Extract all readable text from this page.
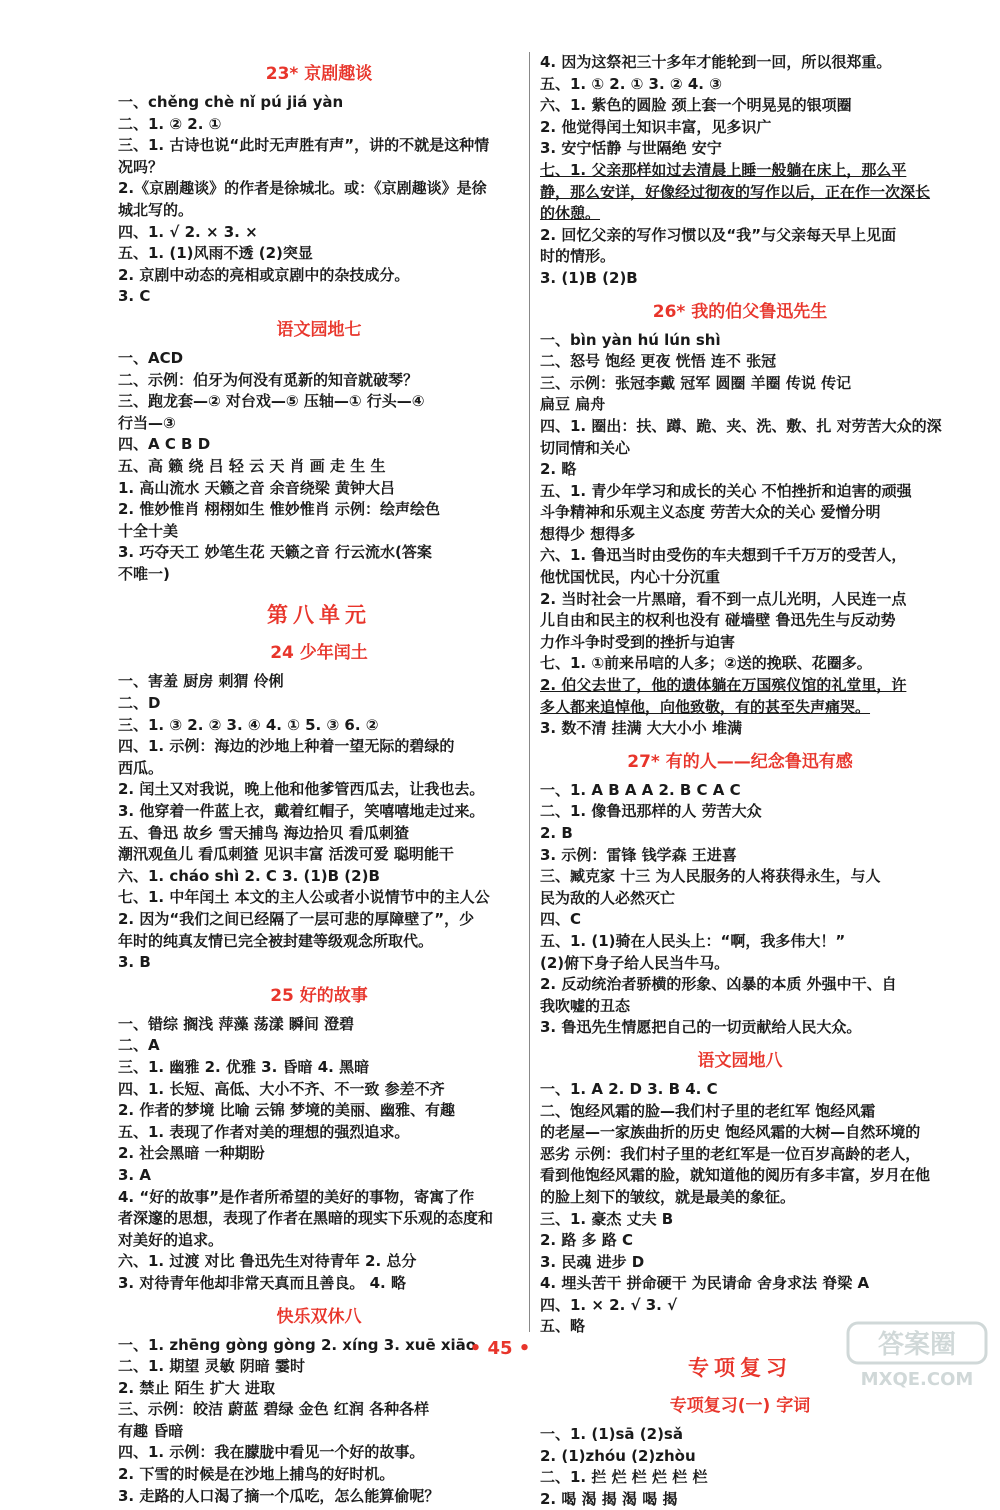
23* 京剧趣谈
一、chěng chè nǐ pú jiá yàn
二、1. ② 2. ①
三、1. 古诗也说“此时无声胜有声”，讲的不就是这种情
况吗？
2.《京剧趣谈》的作者是徐城北。或：《京剧趣谈》是徐
城北写的。
四、1. √ 2. × 3. ×
五、1. (1)风雨不透 (2)突显
2. 京剧中动态的亮相或京剧中的杂技成分。
3. C
语文园地七
一、ACD
二、示例：伯牙为何没有觅新的知音就破琴？
三、跑龙套—② 对台戏—⑤ 压轴—① 行头—④
行当—③
四、A C B D
五、高 籁 绕 吕 轻 云 天 肖 画 走 生 生
1. 高山流水 天籁之音 余音绕梁 黄钟大吕
2. 惟妙惟肖 栩栩如生 惟妙惟肖 示例：绘声绘色
十全十美
3. 巧夺天工 妙笔生花 天籁之音 行云流水(答案
不唯一)
第八单元
24 少年闰土
一、害羞 厨房 刺猬 伶俐
二、D
三、1. ③ 2. ② 3. ④ 4. ① 5. ③ 6. ②
四、1. 示例：海边的沙地上种着一望无际的碧绿的
西瓜。
2. 闰土又对我说，晚上他和他爹管西瓜去，让我也去。
3. 他穿着一件蓝上衣，戴着红帽子，笑嘻嘻地走过来。
五、鲁迅 故乡 雪天捕鸟 海边拾贝 看瓜刺猹
潮汛观鱼儿 看瓜刺猹 见识丰富 活泼可爱 聪明能干
六、1. cháo shì 2. C 3. (1)B (2)B
七、1. 中年闰土 本文的主人公或者小说情节中的主人公
2. 因为“我们之间已经隔了一层可悲的厚障壁了”，少
年时的纯真友情已完全被封建等级观念所取代。
3. B
25 好的故事
一、错综 搁浅 萍藻 荡漾 瞬间 澄碧
二、A
三、1. 幽雅 2. 优雅 3. 昏暗 4. 黑暗
四、1. 长短、高低、大小不齐、不一致 参差不齐
2. 作者的梦境 比喻 云锦 梦境的美丽、幽雅、有趣
五、1. 表现了作者对美的理想的强烈追求。
2. 社会黑暗 一种期盼
3. A
4. “好的故事”是作者所希望的美好的事物，寄寓了作
者深邃的思想，表现了作者在黑暗的现实下乐观的态度和
对美好的追求。
六、1. 过渡 对比 鲁迅先生对待青年 2. 总分
3. 对待青年他却非常天真而且善良。 4. 略
快乐双休八
一、1. zhēng gòng gòng 2. xíng 3. xuē xiāo
二、1. 期望 灵敏 阴暗 霎时
2. 禁止 陌生 扩大 进取
三、示例：皎洁 蔚蓝 碧绿 金色 红润 各种各样
有趣 昏暗
四、1. 示例：我在朦胧中看见一个好的故事。
2. 下雪的时候是在沙地上捕鸟的好时机。
3. 走路的人口渴了摘一个瓜吃，怎么能算偷呢？
4. 因为这祭祀三十多年才能轮到一回，所以很郑重。
五、1. ① 2. ① 3. ② 4. ③
六、1. 紫色的圆脸 颈上套一个明晃晃的银项圈
2. 他觉得闰土知识丰富，见多识广
3. 安宁恬静 与世隔绝 安宁
七、1. 父亲那样如过去清晨上睡一般躺在床上，那么平
静，那么安详，好像经过彻夜的写作以后，正在作一次深长
的休憩。
2. 回忆父亲的写作习惯以及“我”与父亲每天早上见面
时的情形。
3. (1)B (2)B
26* 我的伯父鲁迅先生
一、bìn yàn hú lún shì
二、怒号 饱经 更夜 恍悟 连不 张冠
三、示例：张冠李戴 冠军 圆圈 羊圈 传说 传记
扁豆 扁舟
四、1. 圈出：扶、蹲、跪、夹、洗、敷、扎 对劳苦大众的深
切同情和关心
2. 略
五、1. 青少年学习和成长的关心 不怕挫折和迫害的顽强
斗争精神和乐观主义态度 劳苦大众的关心 爱憎分明
想得少 想得多
六、1. 鲁迅当时由受伤的车夫想到千千万万的受苦人，
他忧国忧民，内心十分沉重
2. 当时社会一片黑暗，看不到一点儿光明，人民连一点
儿自由和民主的权利也没有 碰墙壁 鲁迅先生与反动势
力作斗争时受到的挫折与迫害
七、1. ①前来吊唁的人多；②送的挽联、花圈多。
2. 伯父去世了，他的遗体躺在万国殡仪馆的礼堂里，许
多人都来追悼他，向他致敬，有的甚至失声痛哭。
3. 数不清 挂满 大大小小 堆满
27* 有的人——纪念鲁迅有感
一、1. A B A A 2. B C A C
二、1. 像鲁迅那样的人 劳苦大众
2. B
3. 示例：雷锋 钱学森 王进喜
三、臧克家 十三 为人民服务的人将获得永生，与人
民为敌的人必然灭亡
四、C
五、1. (1)骑在人民头上：“啊，我多伟大！”
(2)俯下身子给人民当牛马。
2. 反动统治者骄横的形象、凶暴的本质 外强中干、自
我吹嘘的丑态
3. 鲁迅先生情愿把自己的一切贡献给人民大众。
语文园地八
一、1. A 2. D 3. B 4. C
二、饱经风霜的脸—我们村子里的老红军 饱经风霜
的老屋—一家族曲折的历史 饱经风霜的大树—自然环境的
恶劣 示例：我们村子里的老红军是一位百岁高龄的老人，
看到他饱经风霜的脸，就知道他的阅历有多丰富，岁月在他
的脸上刻下的皱纹，就是最美的象征。
三、1. 豪杰 丈夫 B
2. 路 多 路 C
3. 民魂 进步 D
4. 埋头苦干 拼命硬干 为民请命 舍身求法 脊梁 A
四、1. × 2. √ 3. √
五、略
专项复习
专项复习(一) 字词
一、1. (1)sā (2)sǎ
2. (1)zhóu (2)zhòu
二、1. 拦 烂 栏 烂 栏 栏
2. 喝 渴 揭 渴 喝 揭
• 45 •	答案圈
MXQE.COM
